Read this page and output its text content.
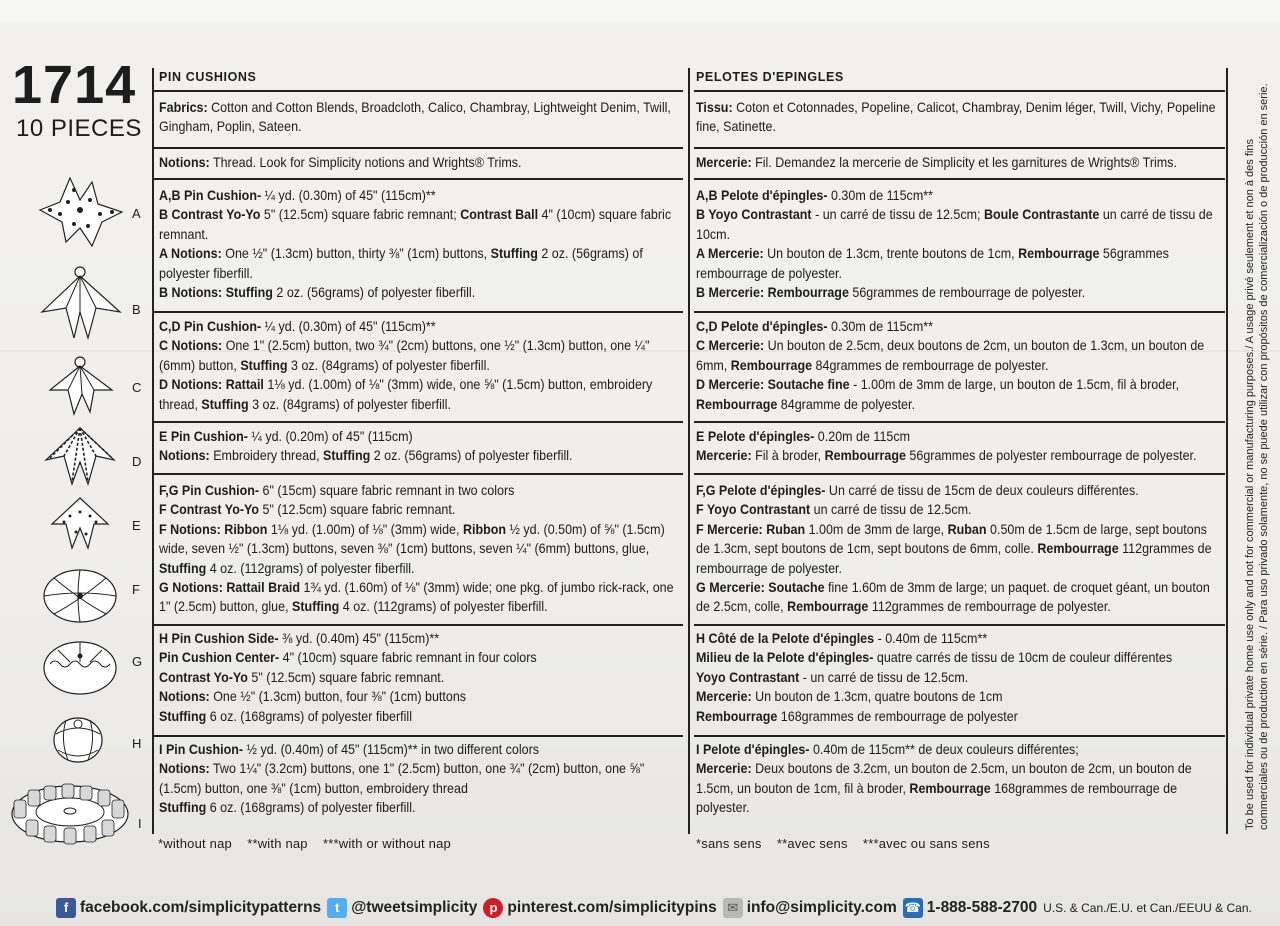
1714
10 PIECES
A
B
C
D
E
F
G
H
I
PIN CUSHIONS

Fabrics: Cotton and Cotton Blends, Broadcloth, Calico, Chambray, Lightweight Denim, Twill, Gingham, Poplin, Sateen.

Notions: Thread. Look for Simplicity notions and Wrights® Trims.

A,B Pin Cushion- ¼ yd. (0.30m) of 45" (115cm)**

B Contrast Yo-Yo 5" (12.5cm) square fabric remnant; Contrast Ball 4" (10cm) square fabric remnant.

A Notions: One ½" (1.3cm) button, thirty ⅜" (1cm) buttons, Stuffing 2 oz. (56grams) of polyester fiberfill.

B Notions: Stuffing 2 oz. (56grams) of polyester fiberfill.

C,D Pin Cushion- ¼ yd. (0.30m) of 45" (115cm)**

C Notions: One 1" (2.5cm) button, two ¾" (2cm) buttons, one ½" (1.3cm) button, one ¼" (6mm) button, Stuffing 3 oz. (84grams) of polyester fiberfill.

D Notions: Rattail 1⅛ yd. (1.00m) of ⅛" (3mm) wide, one ⅝" (1.5cm) button, embroidery thread, Stuffing 3 oz. (84grams) of polyester fiberfill.

E Pin Cushion- ¼ yd. (0.20m) of 45" (115cm)

Notions: Embroidery thread, Stuffing 2 oz. (56grams) of polyester fiberfill.

F,G Pin Cushion- 6" (15cm) square fabric remnant in two colors

F Contrast Yo-Yo 5" (12.5cm) square fabric remnant.

F Notions: Ribbon 1⅛ yd. (1.00m) of ⅛" (3mm) wide, Ribbon ½ yd. (0.50m) of ⅝" (1.5cm) wide, seven ½" (1.3cm) buttons, seven ⅜" (1cm) buttons, seven ¼" (6mm) buttons, glue, Stuffing 4 oz. (112grams) of polyester fiberfill.

G Notions: Rattail Braid 1¾ yd. (1.60m) of ⅛" (3mm) wide; one pkg. of jumbo rick-rack, one 1" (2.5cm) button, glue, Stuffing 4 oz. (112grams) of polyester fiberfill.

H Pin Cushion Side- ⅜ yd. (0.40m) 45" (115cm)**

Pin Cushion Center- 4" (10cm) square fabric remnant in four colors

Contrast Yo-Yo 5" (12.5cm) square fabric remnant.

Notions: One ½" (1.3cm) button, four ⅜" (1cm) buttons

Stuffing 6 oz. (168grams) of polyester fiberfill

I Pin Cushion- ½ yd. (0.40m) of 45" (115cm)** in two different colors

Notions: Two 1¼" (3.2cm) buttons, one 1" (2.5cm) button, one ¾" (2cm) button, one ⅝" (1.5cm) button, one ⅜" (1cm) button, embroidery thread

Stuffing 6 oz. (168grams) of polyester fiberfill.

PELOTES D'EPINGLES

Tissu: Coton et Cotonnades, Popeline, Calicot, Chambray, Denim léger, Twill, Vichy, Popeline fine, Satinette.

Mercerie: Fil. Demandez la mercerie de Simplicity et les garnitures de Wrights® Trims.

A,B Pelote d'épingles- 0.30m de 115cm**

B Yoyo Contrastant - un carré de tissu de 12.5cm; Boule Contrastante un carré de tissu de 10cm.

A Mercerie: Un bouton de 1.3cm, trente boutons de 1cm, Rembourrage 56grammes rembourrage de polyester.

B Mercerie: Rembourrage 56grammes de rembourrage de polyester.

C,D Pelote d'épingles- 0.30m de 115cm**

C Mercerie: Un bouton de 2.5cm, deux boutons de 2cm, un bouton de 1.3cm, un bouton de 6mm, Rembourrage 84grammes de rembourrage de polyester.

D Mercerie: Soutache fine - 1.00m de 3mm de large, un bouton de 1.5cm, fil à broder, Rembourrage 84gramme de polyester.

E Pelote d'épingles- 0.20m de 115cm

Mercerie: Fil à broder, Rembourrage 56grammes de polyester rembourrage de polyester.

F,G Pelote d'épingles- Un carré de tissu de 15cm de deux couleurs différentes.

F Yoyo Contrastant un carré de tissu de 12.5cm.

F Mercerie: Ruban 1.00m de 3mm de large, Ruban 0.50m de 1.5cm de large, sept boutons de 1.3cm, sept boutons de 1cm, sept boutons de 6mm, colle. Rembourrage 112grammes de rembourrage de polyester.

G Mercerie: Soutache fine 1.60m de 3mm de large; un paquet. de croquet géant, un bouton de 2.5cm, colle, Rembourrage 112grammes de rembourrage de polyester.

H Côté de la Pelote d'épingles - 0.40m de 115cm**

Milieu de la Pelote d'épingles- quatre carrés de tissu de 10cm de couleur différentes

Yoyo Contrastant - un carré de tissu de 12.5cm.

Mercerie: Un bouton de 1.3cm, quatre boutons de 1cm

Rembourrage 168grammes de rembourrage de polyester

I Pelote d'épingles- 0.40m de 115cm** de deux couleurs différentes;

Mercerie: Deux boutons de 3.2cm, un bouton de 2.5cm, un bouton de 2cm, un bouton de 1.5cm, un bouton de 1cm, fil à broder, Rembourrage 168grammes de rembourrage de polyester.

*without nap    **with nap    ***with or without nap	*sans sens    **avec sens    ***avec ou sans sens
To be used for individual private home use only and not for commercial or manufacturing purposes./ A usage privé seulement et non à des fins commerciales ou de production en série. / Para uso privado solamente, no se puede utilizar con propósitos de comercialización o de producción en serie.
f facebook.com/simplicitypatterns	t @tweetsimplicity p pinterest.com/simplicitypins ✉ info@simplicity.com ☎ 1-888-588-2700 U.S. & Can./E.U. et Can./EEUU & Can.
